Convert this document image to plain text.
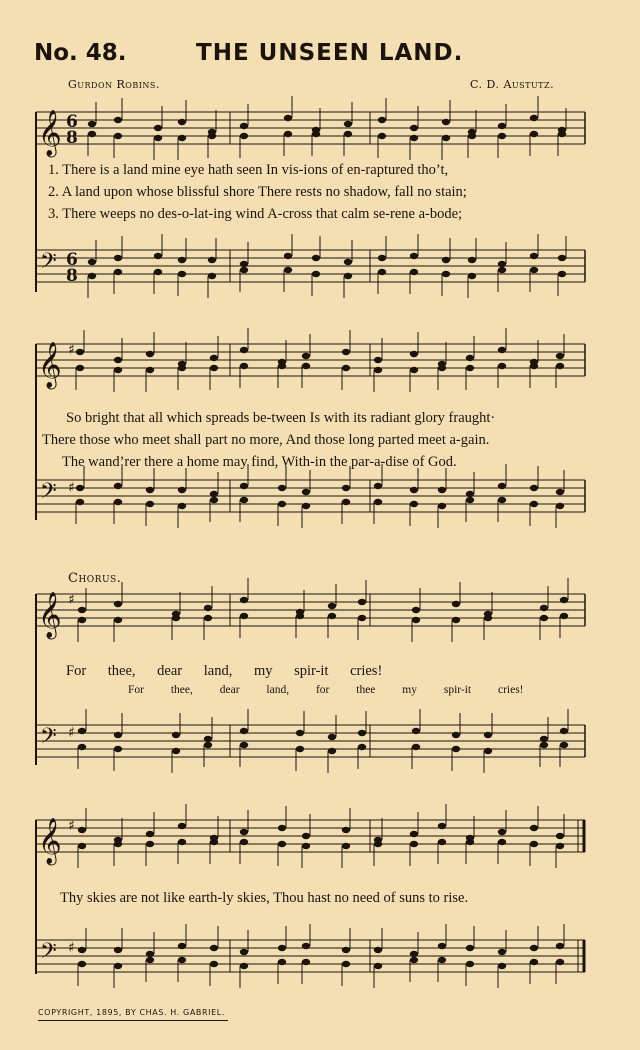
No. 48.	THE UNSEEN LAND.
Gurdon Robins.	C. D. Austutz.
𝄞 6
8
𝄢 6
8
1. There is a land mine eye hath seen In vis-ions of en-raptured tho’t,
2. A land upon whose blissful shore There rests no shadow, fall no stain;
3. There weeps no des-o-lat-ing wind A-cross that calm se-rene a-bode;
𝄞 ♯
𝄢 ♯
So bright that all which spreads be-tween Is with its radiant glory fraught·
There those who meet shall part no more, And those long parted meet a-gain.
The wand’rer there a home may find, With-in the par-a-dise of God.
Chorus.
𝄞 ♯
𝄢 ♯
For thee, dear land, my spir-it cries!
For thee, dear land, for thee my spir-it cries!
𝄞 ♯
𝄢 ♯
Thy skies are not like earth-ly skies, Thou hast no need of suns to rise.
COPYRIGHT, 1895, BY CHAS. H. GABRIEL.
